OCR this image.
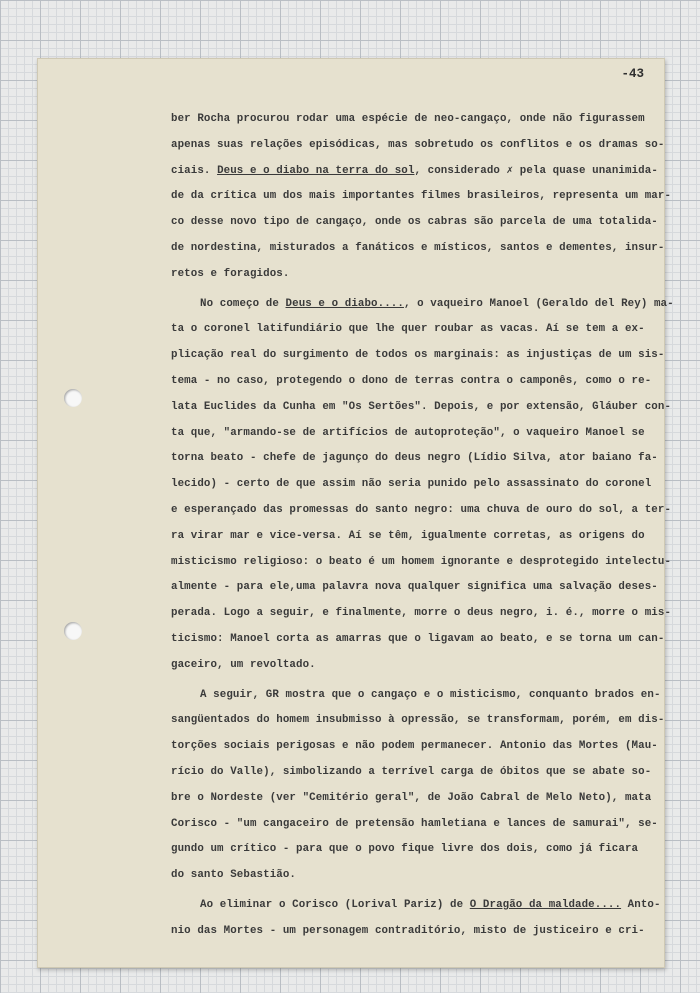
-43
ber Rocha procurou rodar uma espécie de neo-cangaço, onde não figurassem
apenas suas relações episódicas, mas sobretudo os conflitos e os dramas so-
ciais. Deus e o diabo na terra do sol, considerado ✗ pela quase unanimida-
de da crítica um dos mais importantes filmes brasileiros, representa um mar-
co desse novo tipo de cangaço, onde os cabras são parcela de uma totalida-
de nordestina, misturados a fanáticos e místicos, santos e dementes, insur-
retos e foragidos.
No começo de Deus e o diabo...., o vaqueiro Manoel (Geraldo del Rey) ma-
ta o coronel latifundiário que lhe quer roubar as vacas. Aí se tem a ex-
plicação real do surgimento de todos os marginais: as injustiças de um sis-
tema - no caso, protegendo o dono de terras contra o camponês, como o re-
lata Euclides da Cunha em "Os Sertões". Depois, e por extensão, Gláuber con-
ta que, "armando-se de artifícios de autoproteção", o vaqueiro Manoel se
torna beato - chefe de jagunço do deus negro (Lídio Silva, ator baiano fa-
lecido) - certo de que assim não seria punido pelo assassinato do coronel
e esperançado das promessas do santo negro: uma chuva de ouro do sol, a ter-
ra virar mar e vice-versa. Aí se têm, igualmente corretas, as origens do
misticismo religioso: o beato é um homem ignorante e desprotegido intelectu-
almente - para ele,uma palavra nova qualquer significa uma salvação deses-
perada. Logo a seguir, e finalmente, morre o deus negro, i. é., morre o mis-
ticismo: Manoel corta as amarras que o ligavam ao beato, e se torna um can-
gaceiro, um revoltado.
A seguir, GR mostra que o cangaço e o misticismo, conquanto brados en-
sangüentados do homem insubmisso à opressão, se transformam, porém, em dis-
torções sociais perigosas e não podem permanecer. Antonio das Mortes (Mau-
rício do Valle), simbolizando a terrível carga de óbitos que se abate so-
bre o Nordeste (ver "Cemitério geral", de João Cabral de Melo Neto), mata
Corisco - "um cangaceiro de pretensão hamletiana e lances de samurai", se-
gundo um crítico - para que o povo fique livre dos dois, como já ficara
do santo Sebastião.
Ao eliminar o Corisco (Lorival Pariz) de O Dragão da maldade.... Anto-
nio das Mortes - um personagem contraditório, misto de justiceiro e cri-
